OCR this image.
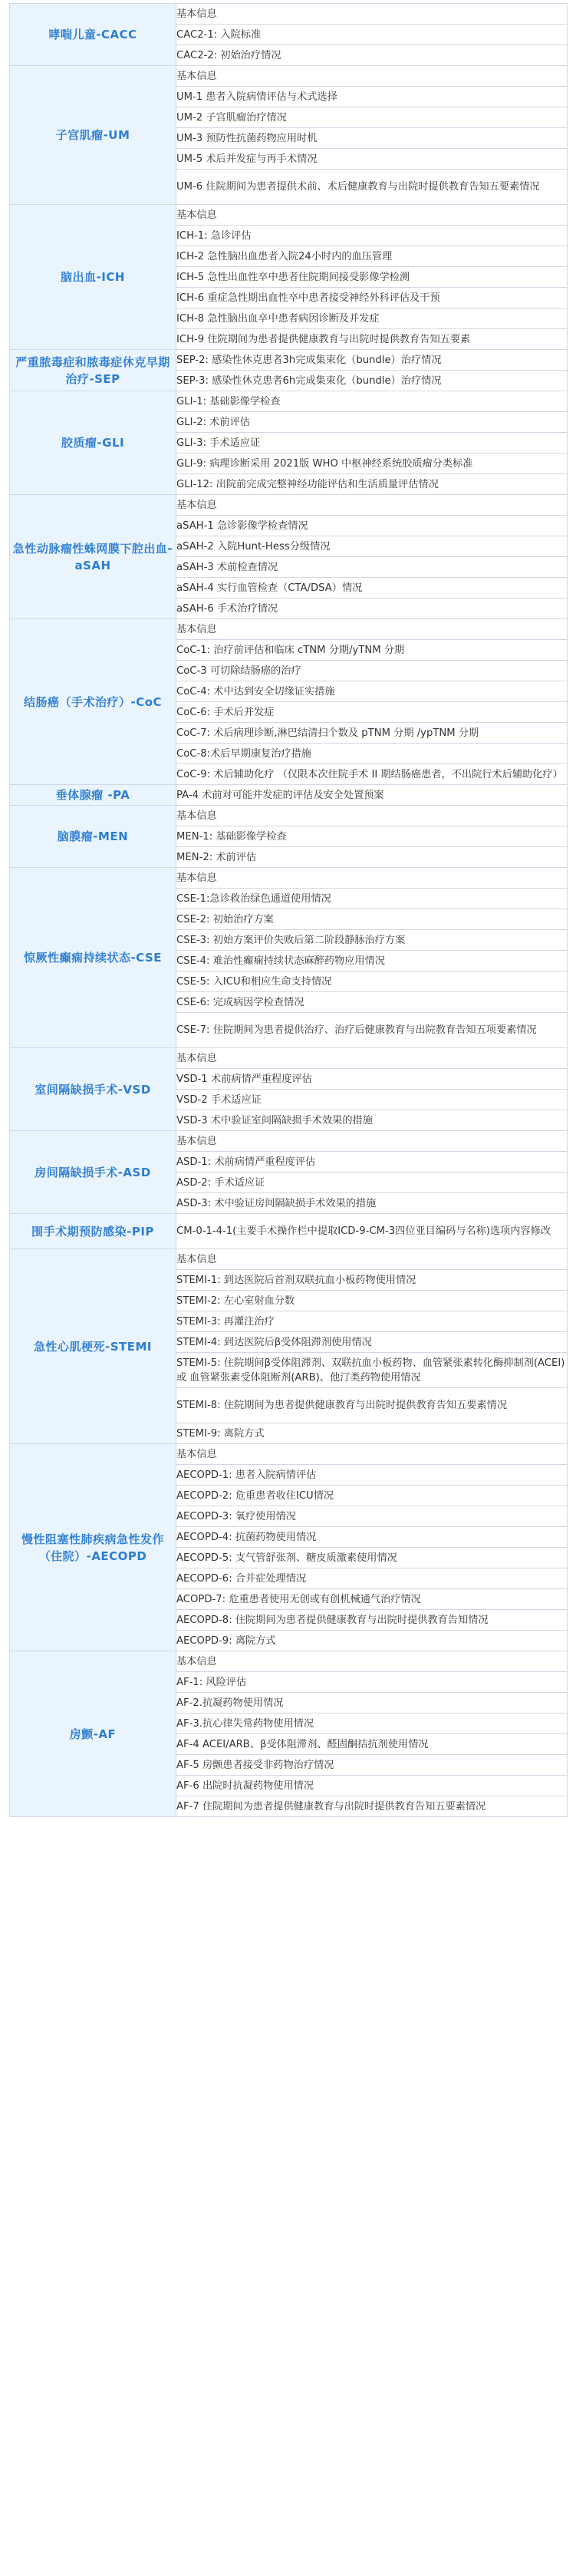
哮喘儿童-CACC	基本信息
	CAC2-1: 入院标准
	CAC2-2: 初始治疗情况
子宫肌瘤-UM	基本信息
	UM-1 患者入院病情评估与术式选择
	UM-2 子宫肌瘤治疗情况
	UM-3 预防性抗菌药物应用时机
	UM-5 术后并发症与再手术情况
	UM-6 住院期间为患者提供术前、术后健康教育与出院时提供教育告知五要素情况
脑出血-ICH	基本信息
	ICH-1: 急诊评估
	ICH-2 急性脑出血患者入院24小时内的血压管理
	ICH-5 急性出血性卒中患者住院期间接受影像学检测
	ICH-6 重症急性期出血性卒中患者接受神经外科评估及干预
	ICH-8 急性脑出血卒中患者病因诊断及并发症
	ICH-9 住院期间为患者提供健康教育与出院时提供教育告知五要素
严重脓毒症和脓毒症休克早期治疗-SEP	SEP-2: 感染性休克患者3h完成集束化（bundle）治疗情况
	SEP-3: 感染性休克患者6h完成集束化（bundle）治疗情况
胶质瘤-GLI	GLI-1: 基础影像学检查
	GLI-2: 术前评估
	GLI-3: 手术适应证
	GLI-9: 病理诊断采用 2021版 WHO 中枢神经系统胶质瘤分类标准
	GLI-12: 出院前完成完整神经功能评估和生活质量评估情况
急性动脉瘤性蛛网膜下腔出血-aSAH	基本信息
	aSAH-1 急诊影像学检查情况
	aSAH-2 入院Hunt-Hess分级情况
	aSAH-3 术前检查情况
	aSAH-4 实行血管检查（CTA/DSA）情况
	aSAH-6 手术治疗情况
结肠癌（手术治疗）-CoC	基本信息
	CoC-1: 治疗前评估和临床 cTNM 分期/yTNM 分期
	CoC-3 可切除结肠癌的治疗
	CoC-4: 术中达到安全切缘证实措施
	CoC-6: 手术后并发症
	CoC-7: 术后病理诊断,淋巴结清扫个数及 pTNM 分期 /ypTNM 分期
	CoC-8:术后早期康复治疗措施
	CoC-9: 术后辅助化疗 （仅限本次住院手术 II 期结肠癌患者，不出院行术后辅助化疗）
垂体腺瘤 -PA	PA-4 术前对可能并发症的评估及安全处置预案
脑膜瘤-MEN	基本信息
	MEN-1: 基础影像学检查
	MEN-2: 术前评估
惊厥性癫痫持续状态-CSE	基本信息
	CSE-1:急诊救治绿色通道使用情况
	CSE-2: 初始治疗方案
	CSE-3: 初始方案评价失败后第二阶段静脉治疗方案
	CSE-4: 难治性癫痫持续状态麻醉药物应用情况
	CSE-5: 入ICU和相应生命支持情况
	CSE-6: 完成病因学检查情况
	CSE-7: 住院期间为患者提供治疗、治疗后健康教育与出院教育告知五项要素情况
室间隔缺损手术-VSD	基本信息
	VSD-1 术前病情严重程度评估
	VSD-2 手术适应证
	VSD-3 术中验证室间隔缺损手术效果的措施
房间隔缺损手术-ASD	基本信息
	ASD-1: 术前病情严重程度评估
	ASD-2: 手术适应证
	ASD-3: 术中验证房间隔缺损手术效果的措施
围手术期预防感染-PIP	CM-0-1-4-1(主要手术操作栏中提取ICD-9-CM-3四位亚目编码与名称)选项内容修改
急性心肌梗死-STEMI	基本信息
	STEMI-1: 到达医院后首剂双联抗血小板药物使用情况
	STEMI-2: 左心室射血分数
	STEMI-3: 再灌注治疗
	STEMI-4: 到达医院后β受体阻滞剂使用情况
	STEMI-5: 住院期间β受体阻滞剂、双联抗血小板药物、血管紧张素转化酶抑制剂(ACEI)或 血管紧张素受体阻断剂(ARB)、他汀类药物使用情况
	STEMI-8: 住院期间为患者提供健康教育与出院时提供教育告知五要素情况
	STEMI-9: 离院方式
慢性阻塞性肺疾病急性发作（住院）-AECOPD	基本信息
	AECOPD-1: 患者入院病情评估
	AECOPD-2: 危重患者收住ICU情况
	AECOPD-3: 氧疗使用情况
	AECOPD-4: 抗菌药物使用情况
	AECOPD-5: 支气管舒张剂、糖皮质激素使用情况
	AECOPD-6: 合并症处理情况
	ACOPD-7: 危重患者使用无创或有创机械通气治疗情况
	AECOPD-8: 住院期间为患者提供健康教育与出院时提供教育告知情况
	AECOPD-9: 离院方式
房颤-AF	基本信息
	AF-1: 风险评估
	AF-2.抗凝药物使用情况
	AF-3.抗心律失常药物使用情况
	AF-4 ACEI/ARB、β受体阻滞剂、醛固酮拮抗剂使用情况
	AF-5 房颤患者接受非药物治疗情况
	AF-6 出院时抗凝药物使用情况
	AF-7 住院期间为患者提供健康教育与出院时提供教育告知五要素情况
